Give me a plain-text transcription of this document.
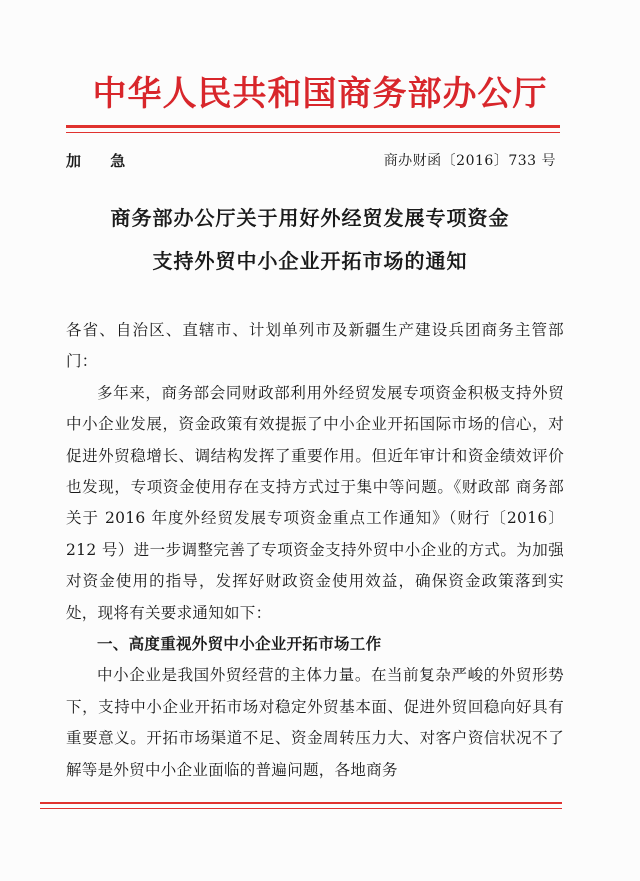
中华人民共和国商务部办公厅
加 急	商办财函〔2016〕733 号
商务部办公厅关于用好外经贸发展专项资金
支持外贸中小企业开拓市场的通知

各省、自治区、直辖市、计划单列市及新疆生产建设兵团商务主管部门：

多年来，商务部会同财政部利用外经贸发展专项资金积极支持外贸中小企业发展，资金政策有效提振了中小企业开拓国际市场的信心，对促进外贸稳增长、调结构发挥了重要作用。但近年审计和资金绩效评价也发现，专项资金使用存在支持方式过于集中等问题。《财政部 商务部关于 2016 年度外经贸发展专项资金重点工作通知》（财行〔2016〕212 号）进一步调整完善了专项资金支持外贸中小企业的方式。为加强对资金使用的指导，发挥好财政资金使用效益，确保资金政策落到实处，现将有关要求通知如下：

一、高度重视外贸中小企业开拓市场工作

中小企业是我国外贸经营的主体力量。在当前复杂严峻的外贸形势下，支持中小企业开拓市场对稳定外贸基本面、促进外贸回稳向好具有重要意义。开拓市场渠道不足、资金周转压力大、对客户资信状况不了解等是外贸中小企业面临的普遍问题，各地商务
